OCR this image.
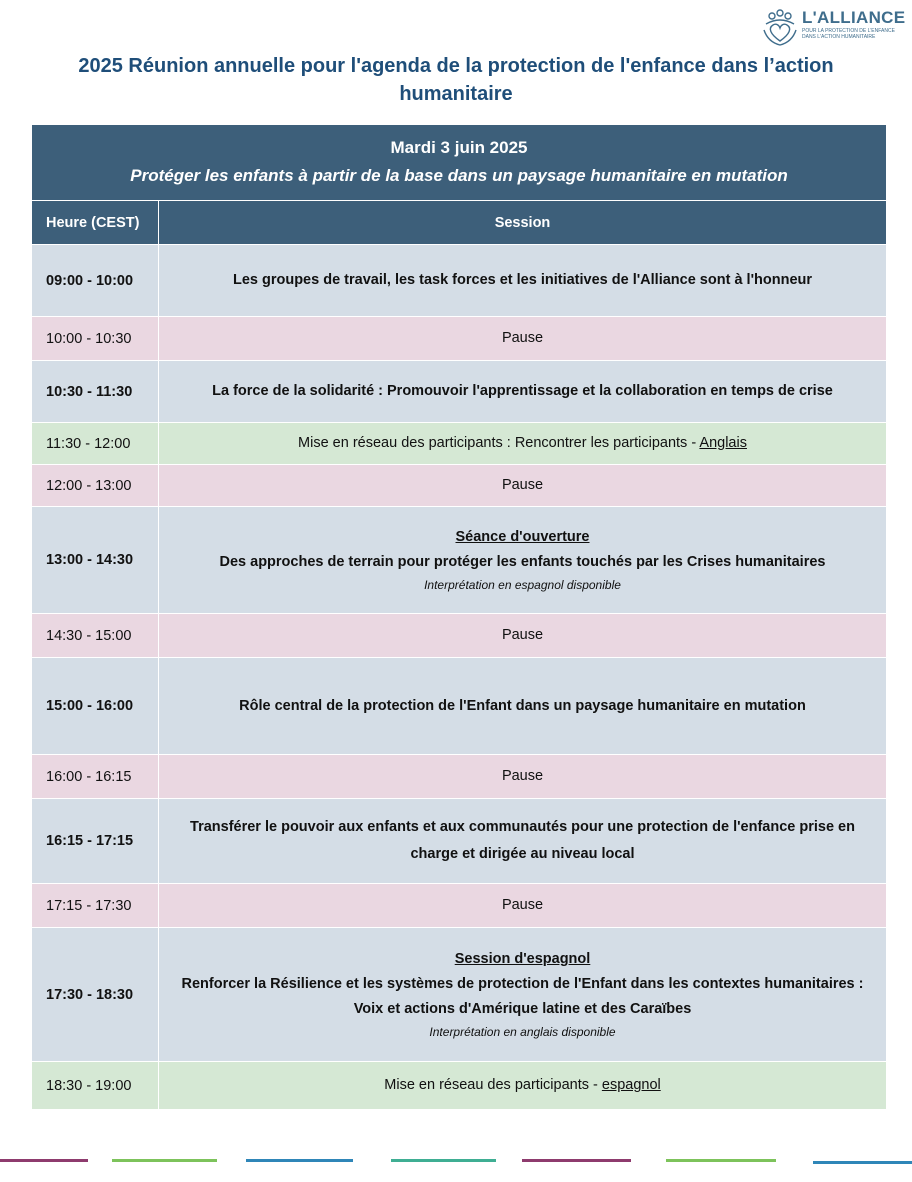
L'ALLIANCE
POUR LA PROTECTION DE L'ENFANCE
DANS L'ACTION HUMANITAIRE
2025 Réunion annuelle pour l'agenda de la protection de l'enfance dans l’action humanitaire
Mardi 3 juin 2025
Protéger les enfants à partir de la base dans un paysage humanitaire en mutation	

Heure (CEST)	Session
09:00 - 10:00	Les groupes de travail, les task forces et les initiatives de l'Alliance sont à l'honneur
10:00 - 10:30	Pause
10:30 - 11:30	La force de la solidarité : Promouvoir l'apprentissage et la collaboration en temps de crise
11:30 - 12:00	Mise en réseau des participants : Rencontrer les participants - Anglais
12:00 - 13:00	Pause
13:00 - 14:30	Séance d'ouverture
Des approches de terrain pour protéger les enfants touchés par les Crises humanitaires
Interprétation en espagnol disponible

14:30 - 15:00	Pause
15:00 - 16:00	Rôle central de la protection de l'Enfant dans un paysage humanitaire en mutation
16:00 - 16:15	Pause
16:15 - 17:15	Transférer le pouvoir aux enfants et aux communautés pour une protection de l'enfance prise en charge et dirigée au niveau local
17:15 - 17:30	Pause
17:30 - 18:30	Session d'espagnol
Renforcer la Résilience et les systèmes de protection de l'Enfant dans les contextes humanitaires : Voix et actions d'Amérique latine et des Caraïbes
Interprétation en anglais disponible

18:30 - 19:00	Mise en réseau des participants - espagnol
